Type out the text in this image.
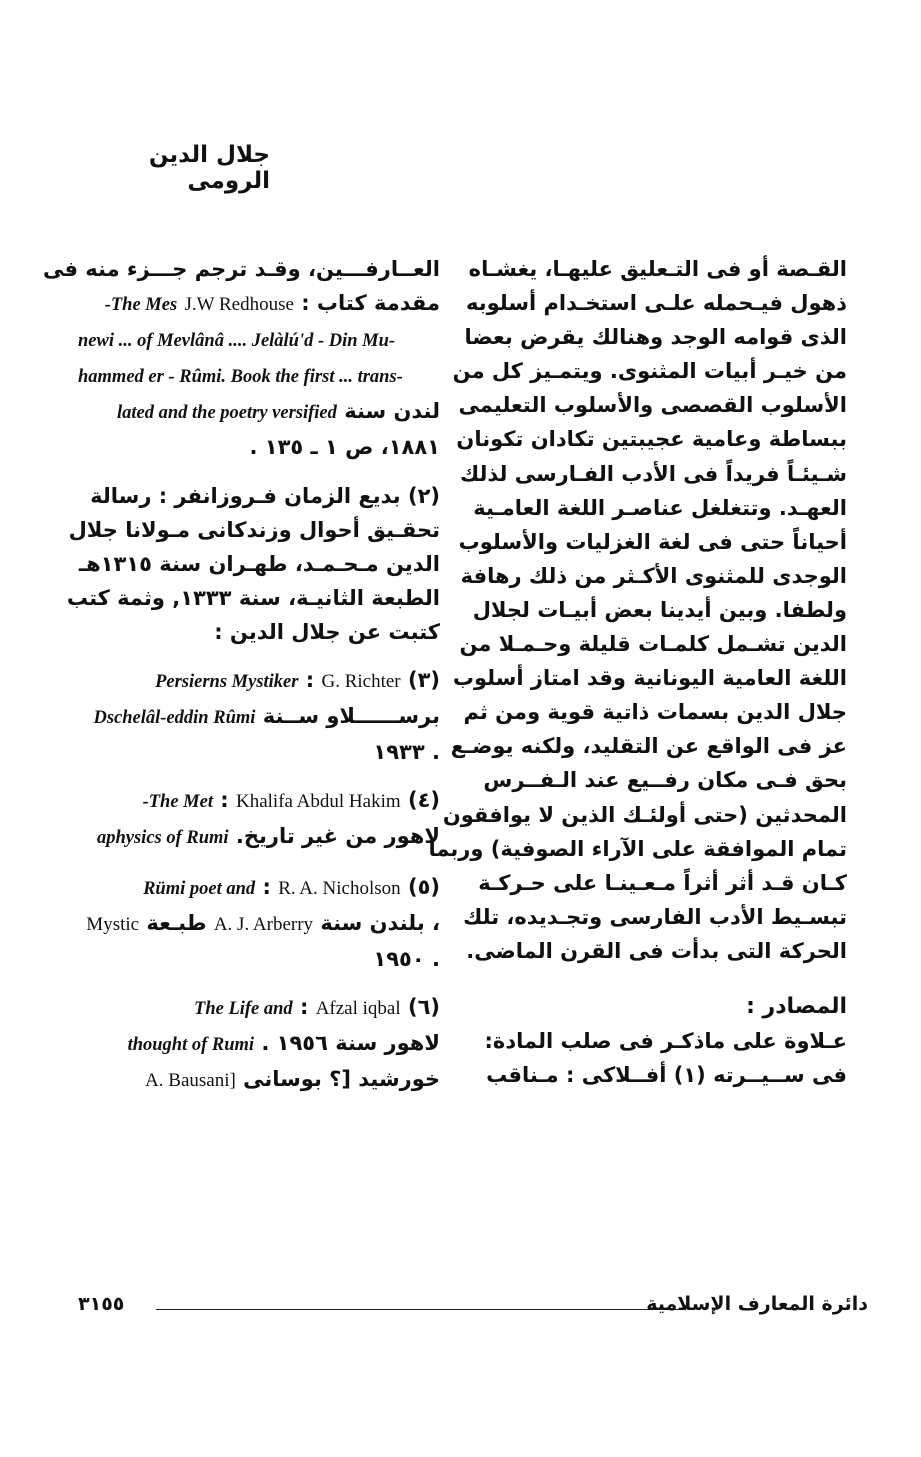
جلال الدين الرومى
القـصة أو فى التـعليق عليهـا، يغشـاه
ذهول فيـحمله علـى استخـدام أسلوبه
الذى قوامه الوجد وهنالك يقرض بعضا
من خيـر أبيات المثنوى. ويتمـيز كل من
الأسلوب القصصى والأسلوب التعليمى
ببساطة وعامية عجيبتين تكادان تكونان
شـيئـاً فريداً فى الأدب الفـارسى لذلك
العهـد. وتتغلغل عناصـر اللغة العامـية
أحياناً حتى فى لغة الغزليات والأسلوب
الوجدى للمثنوى الأكـثر من ذلك رهافة
ولطفا. وبين أيدينا بعض أبيـات لجلال
الدين تشـمل كلمـات قليلة وحـمـلا من
اللغة العامية اليونانية وقد امتاز أسلوب
جلال الدين بسمات ذاتية قوية ومن ثم
عز فى الواقع عن التقليد، ولكنه يوضـع
بحق فـى مكان رفــيع عند الـفــرس
المحدثين (حتى أولئـك الذين لا يوافقون
تمام الموافقة على الآراء الصوفية) وربما
كـان قـد أثر أثراً مـعـينـا على حـركـة
تبسـيط الأدب الفارسى وتجـديده، تلك
الحركة التى بدأت فى القرن الماضى.
المصادر :
عـلاوة على ماذكـر فى صلب المادة:
فى ســيــرته (١) أفــلاكى : مـناقب
العــارفـــين، وقـد ترجم جـــزء منه فى
مقدمة كتاب : J.W Redhouse The Mes-
newi ... of Mevlânâ .... Jelàlú'd - Din Mu-
hammed er - Rûmi. Book the first ... trans-
لندن سنة lated and the poetry versified
١٨٨١، ص ١ ـ ١٣٥ .
(٢) بديع الزمان فـروزانفر : رسالة
تحقـيق أحوال وزندكانى مـولانا جلال
الدين مـحـمـد، طهـران سنة ١٣١٥هـ
الطبعة الثانيـة، سنة ١٣٣٣, وثمة كتب
كتبت عن جلال الدين :
(٣) G. Richter : Persierns Mystiker
برســــــلاو ســنة Dschelâl-eddin Rûmi
. ١٩٣٣
(٤) Khalifa Abdul Hakim : The Met-
لاهور من غير تاريخ. aphysics of Rumi
(٥) R. A. Nicholson : Rümi poet and
، بلندن سنة A. J. Arberry طبـعة Mystic
. ١٩٥٠
(٦) Afzal iqbal : The Life and
لاهور سنة ١٩٥٦ . thought of Rumi
خورشيد [؟ بوسانى [A. Bausani
٣١٥٥	دائرة المعارف الإسلامية
